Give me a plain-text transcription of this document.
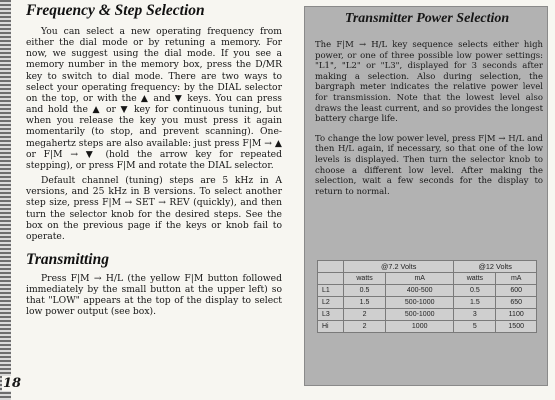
18
Frequency & Step Selection

You can select a new operating frequency from either the dial mode or by retuning a memory. For now, we suggest using the dial mode. If you see a memory number in the memory box, press the D/MR key to switch to dial mode. There are two ways to select your operating frequency: by the DIAL selector on the top, or with the ▲ and ▼ keys. You can press and hold the ▲ or ▼ key for continuous tuning, but when you release the key you must press it again momentarily (to stop, and prevent scanning). One-megahertz steps are also available: just press F|M → ▲ or F|M → ▼ (hold the arrow key for repeated stepping), or press F|M and rotate the DIAL selector.

Default channel (tuning) steps are 5 kHz in A versions, and 25 kHz in B versions. To select another step size, press F|M → SET → REV (quickly), and then turn the selector knob for the desired steps. See the box on the previous page if the keys or knob fail to operate.

Transmitting

Press F|M → H/L (the yellow F|M button followed immediately by the small button at the upper left) so that "LOW" appears at the top of the display to select low power output (see box).

Transmitter Power Selection

The F|M → H/L key sequence selects either high power, or one of three possible low power settings: "L1", "L2" or "L3", displayed for 3 seconds after making a selection. Also during selection, the bargraph meter indicates the relative power level for transmission. Note that the lowest level also draws the least current, and so provides the longest battery charge life.

To change the low power level, press F|M → H/L and then H/L again, if necessary, so that one of the low levels is displayed. Then turn the selector knob to choose a different low level. After making the selection, wait a few seconds for the display to return to normal.

	@7.2 Volts		@12 Volts	
	watts	mA	watts	mA
L1	0.5	400-500	0.5	600
L2	1.5	500-1000	1.5	650
L3	2	500-1000	3	1100
Hi	2	1000	5	1500
